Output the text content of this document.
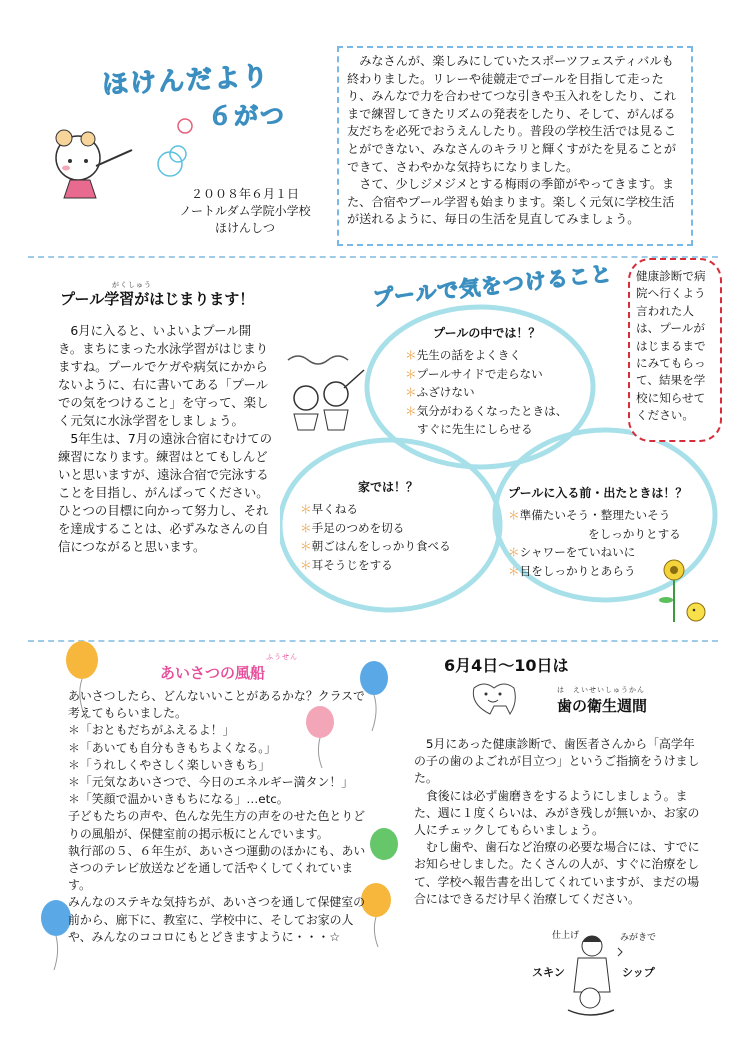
ほけんだより
６がつ
２００８年６月１日
ノートルダム学院小学校
ほけんしつ

みなさんが、楽しみにしていたスポーツフェスティバルも終わりました。リレーや徒競走でゴールを目指して走ったり、みんなで力を合わせてつな引きや玉入れをしたり、これまで練習してきたリズムの発表をしたり、そして、がんばる友だちを必死でおうえんしたり。普段の学校生活では見ることができない、みなさんのキラリと輝くすがたを見ることができて、さわやかな気持ちになりました。

さて、少しジメジメとする梅雨の季節がやってきます。また、合宿やプール学習も始まります。楽しく元気に学校生活が送れるように、毎日の生活を見直してみましょう。

がくしゅう
プール学習がはじまります！

6月に入ると、いよいよプール開き。まちにまった水泳学習がはじまりますね。プールでケガや病気にかからないように、右に書いてある「プールでの気をつけること」を守って、楽しく元気に水泳学習をしましょう。

5年生は、7月の遠泳合宿にむけての練習になります。練習はとてもしんどいと思いますが、遠泳合宿で完泳することを目指し、がんばってください。ひとつの目標に向かって努力し、それを達成することは、必ずみなさんの自信につながると思います。

プールで気をつけること
プールの中では！？
＊ 先生の話をよくきく
＊ プールサイドで走らない
＊ ふざけない
＊ 気分がわるくなったときは、
すぐに先生にしらせる
家では！？
＊ 早くねる
＊ 手足のつめを切る
＊ 朝ごはんをしっかり食べる
＊ 耳そうじをする
プールに入る前・出たときは！？
＊ 準備たいそう・整理たいそう
をしっかりとする
＊ シャワーをていねいに
＊ 目をしっかりとあらう
健康診断で病院へ行くよう言われた人は、プールがはじまるまでにみてもらって、結果を学校に知らせてください。
ふうせん
あいさつの風船

あいさつしたら、どんないいことがあるかな？クラスで考えてもらいました。

＊「おともだちがふえるよ！」

＊「あいても自分もきもちよくなる。」

＊「うれしくやさしく楽しいきもち」

＊「元気なあいさつで、今日のエネルギー満タン！」

＊「笑顔で温かいきもちになる」…etc。

子どもたちの声や、色んな先生方の声をのせた色とりどりの風船が、保健室前の掲示板にとんでいます。

執行部の５、６年生が、あいさつ運動のほかにも、あいさつのテレビ放送などを通して活やくしてくれています。

みんなのステキな気持ちが、あいさつを通して保健室の前から、廊下に、教室に、学校中に、そしてお家の人や、みんなのココロにもとどきますように・・・☆

6月4日～10日は
は　えいせいしゅうかん
歯の衛生週間

5月にあった健康診断で、歯医者さんから「高学年の子の歯のよごれが目立つ」というご指摘をうけました。

食後には必ず歯磨きをするようにしましょう。また、週に１度くらいは、みがき残しが無いか、お家の人にチェックしてもらいましょう。

むし歯や、歯石など治療の必要な場合には、すでにお知らせしました。たくさんの人が、すぐに治療をして、学校へ報告書を出してくれていますが、まだの場合にはできるだけ早く治療してください。

仕上げ	みがきで
スキン	シップ
